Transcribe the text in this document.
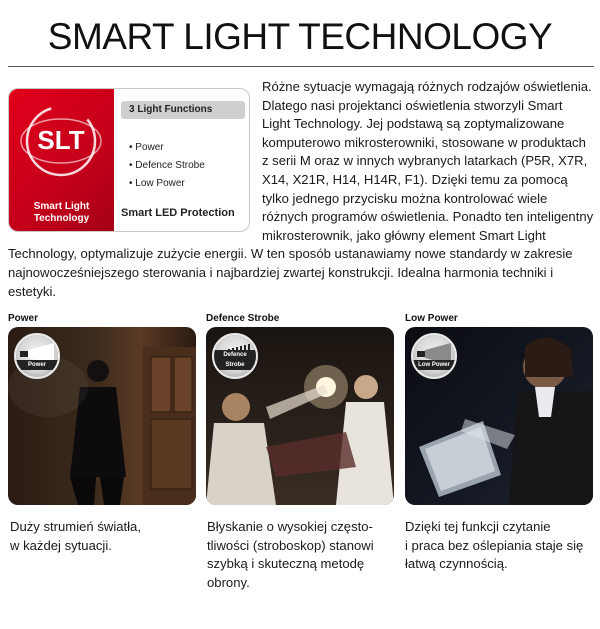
SMART LIGHT TECHNOLOGY
Różne sytuacje wymagają różnych rodzajów oświetlenia. Dlatego nasi projektanci oświetlenia stworzyli Smart Light Technology. Jej podstawą są zoptymalizowane komputerowo mikrosterowniki, stosowane w produktach z serii M oraz w innych wybranych latarkach (P5R, X7R, X14, X21R, H14, H14R, F1). Dzięki temu za pomocą tylko jednego przycisku można kontrolować wiele różnych programów oświetlenia. Ponadto ten inteligentny mikrosterownik, jako główny element Smart Light Technology, optymalizuje zużycie energii. W ten sposób ustanawiamy nowe standardy w zakresie najnowocześniejszego sterowania i najbardziej zwartej konstrukcji. Idealna harmonia techniki i estetyki.
SLT
Smart Light
Technology
3 Light Functions
• Power
• Defence Strobe
• Low Power
Smart LED Protection
Power	Defence Strobe	Low Power
Power
Defence Strobe	Low Power
Duży strumień światła,
w każdej sytuacji.
Błyskanie o wysokiej często-
tliwości (stroboskop) stanowi
szybką i skuteczną metodę
obrony.
Dzięki tej funkcji czytanie
i praca bez oślepiania staje się
łatwą czynnością.
